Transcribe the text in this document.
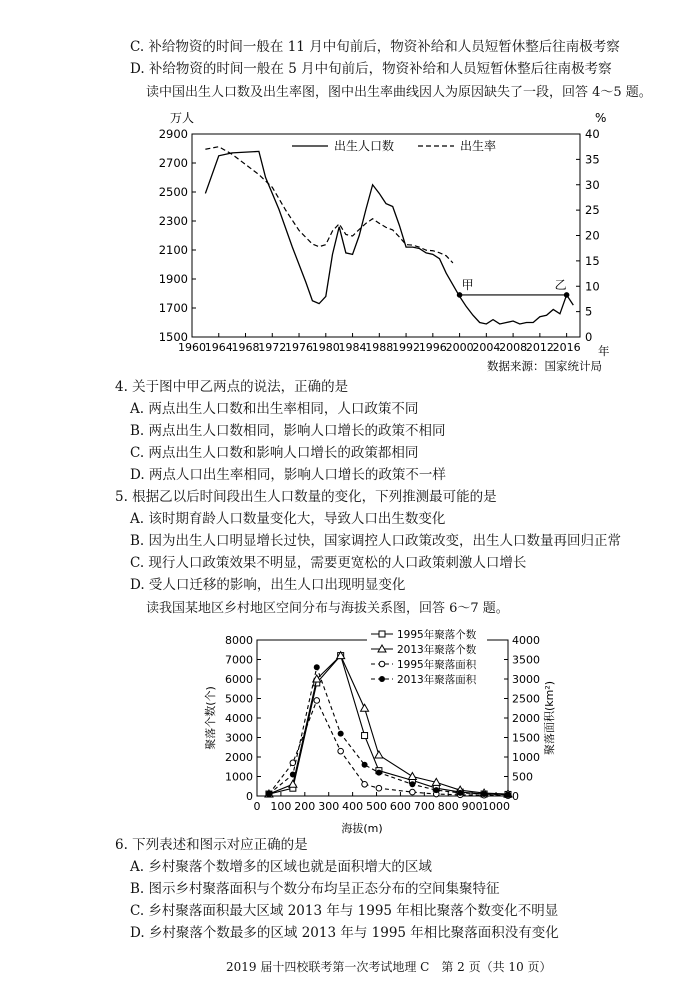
C. 补给物资的时间一般在 11 月中旬前后，物资补给和人员短暂休整后往南极考察
D. 补给物资的时间一般在 5 月中旬前后，物资补给和人员短暂休整后往南极考察
读中国出生人口数及出生率图，图中出生率曲线因人为原因缺失了一段，回答 4～5 题。
1500
1700
1900
2100
2300
2500
2700
2900
0
5
10
15
20
25
30
35
40
1960
1964
1968
1972
1976
1980
1984
1988
1992
1996
2000
2004
2008
2012
2016
甲	乙
出生人口数	出生率
万人	%
年
数据来源：国家统计局
4. 关于图中甲乙两点的说法，正确的是
A. 两点出生人口数和出生率相同，人口政策不同
B. 两点出生人口数相同，影响人口增长的政策不相同
C. 两点出生人口数和影响人口增长的政策都相同
D. 两点人口出生率相同，影响人口增长的政策不一样
5. 根据乙以后时间段出生人口数量的变化，下列推测最可能的是
A. 该时期育龄人口数量变化大，导致人口出生数变化
B. 因为出生人口明显增长过快，国家调控人口政策改变，出生人口数量再回归正常
C. 现行人口政策效果不明显，需要更宽松的人口政策刺激人口增长
D. 受人口迁移的影响，出生人口出现明显变化
读我国某地区乡村地区空间分布与海拔关系图，回答 6～7 题。
0
1000
2000
3000
4000
5000
6000
7000
8000
0
500
1000
1500
2000
2500
3000
3500
4000
0 100 200 300 400 500 600 700 800 900 1000
1995年聚落个数
2013年聚落个数
1995年聚落面积
2013年聚落面积
海拔(m)
聚落个数(个)	聚落面积(km²)
6. 下列表述和图示对应正确的是
A. 乡村聚落个数增多的区域也就是面积增大的区域
B. 图示乡村聚落面积与个数分布均呈正态分布的空间集聚特征
C. 乡村聚落面积最大区域 2013 年与 1995 年相比聚落个数变化不明显
D. 乡村聚落个数最多的区域 2013 年与 1995 年相比聚落面积没有变化
2019 届十四校联考第一次考试地理 C　第 2 页（共 10 页）
